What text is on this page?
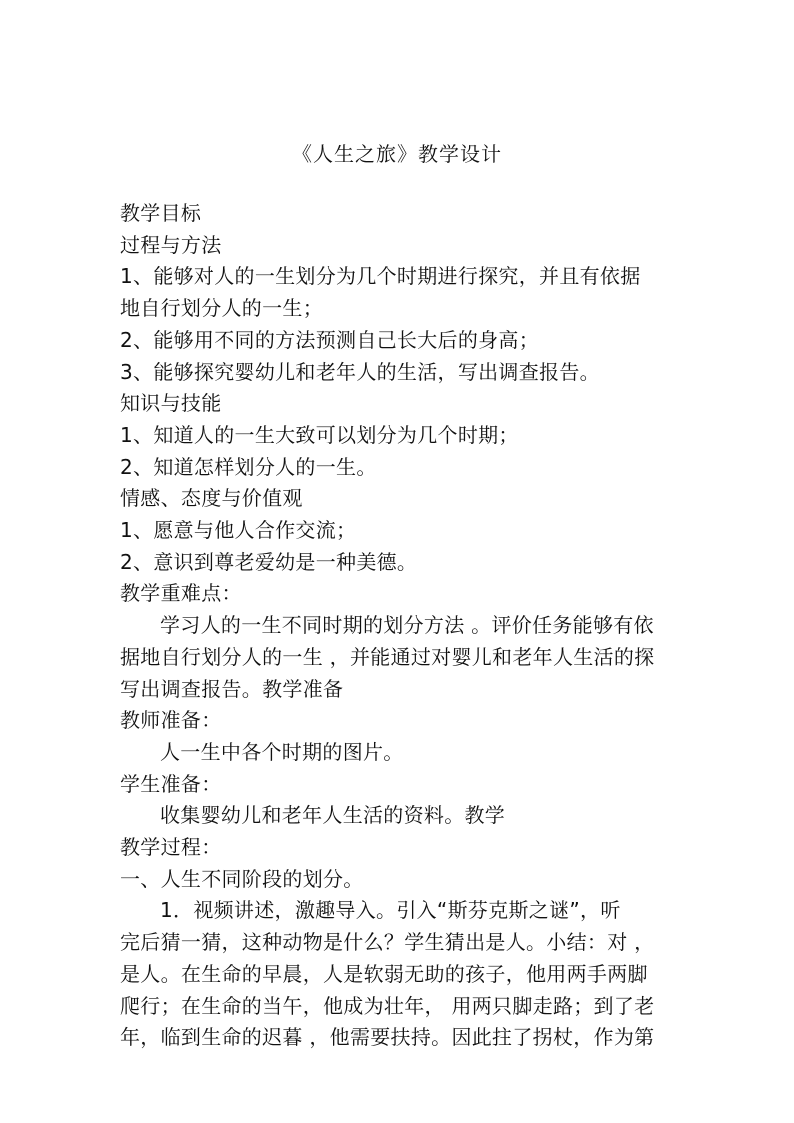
《人生之旅》教学设计
教学目标
过程与方法
1、能够对人的一生划分为几个时期进行探究，并且有依据
地自行划分人的一生；
2、能够用不同的方法预测自己长大后的身高；
3、能够探究婴幼儿和老年人的生活，写出调查报告。
知识与技能
1、知道人的一生大致可以划分为几个时期；
2、知道怎样划分人的一生。
情感、态度与价值观
1、愿意与他人合作交流；
2、意识到尊老爱幼是一种美德。
教学重难点：
学习人的一生不同时期的划分方法 。评价任务能够有依
据地自行划分人的一生 ，并能通过对婴儿和老年人生活的探
写出调查报告。教学准备
教师准备：
人一生中各个时期的图片。
学生准备：
收集婴幼儿和老年人生活的资料。教学
教学过程：
一、人生不同阶段的划分。
1．视频讲述，激趣导入。引入“斯芬克斯之谜”，听
完后猜一猜，这种动物是什么？学生猜出是人。小结：对 ，
是人。在生命的早晨，人是软弱无助的孩子，他用两手两脚
爬行；在生命的当午，他成为壮年， 用两只脚走路；到了老
年，临到生命的迟暮 ，他需要扶持。因此拄了拐杖，作为第
